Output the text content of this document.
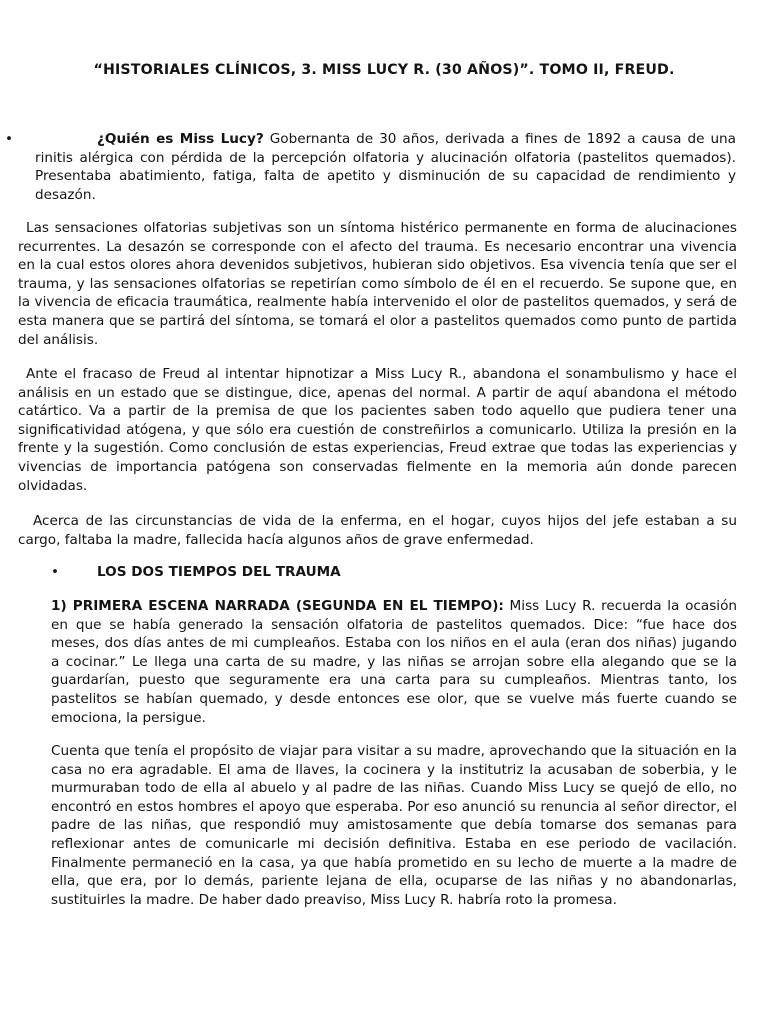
“HISTORIALES CLÍNICOS, 3. MISS LUCY R. (30 AÑOS)”. TOMO II, FREUD.
•	¿Quién es Miss Lucy? Gobernanta de 30 años, derivada a fines de 1892 a causa de una rinitis alérgica con pérdida de la percepción olfatoria y alucinación olfatoria (pastelitos quemados). Presentaba abatimiento, fatiga, falta de apetito y disminución de su capacidad de rendimiento y desazón.

Las sensaciones olfatorias subjetivas son un síntoma histérico permanente en forma de alucinaciones recurrentes. La desazón se corresponde con el afecto del trauma. Es necesario encontrar una vivencia en la cual estos olores ahora devenidos subjetivos, hubieran sido objetivos. Esa vivencia tenía que ser el trauma, y las sensaciones olfatorias se repetirían como símbolo de él en el recuerdo. Se supone que, en la vivencia de eficacia traumática, realmente había intervenido el olor de pastelitos quemados, y será de esta manera que se partirá del síntoma, se tomará el olor a pastelitos quemados como punto de partida del análisis.

Ante el fracaso de Freud al intentar hipnotizar a Miss Lucy R., abandona el sonambulismo y hace el análisis en un estado que se distingue, dice, apenas del normal. A partir de aquí abandona el método catártico. Va a partir de la premisa de que los pacientes saben todo aquello que pudiera tener una significatividad atógena, y que sólo era cuestión de constreñirlos a comunicarlo. Utiliza la presión en la frente y la sugestión. Como conclusión de estas experiencias, Freud extrae que todas las experiencias y vivencias de importancia patógena son conservadas fielmente en la memoria aún donde parecen olvidadas.

Acerca de las circunstancias de vida de la enferma, en el hogar, cuyos hijos del jefe estaban a su cargo, faltaba la madre, fallecida hacía algunos años de grave enfermedad.

•	LOS DOS TIEMPOS DEL TRAUMA

1) PRIMERA ESCENA NARRADA (SEGUNDA EN EL TIEMPO): Miss Lucy R. recuerda la ocasión en que se había generado la sensación olfatoria de pastelitos quemados. Dice: “fue hace dos meses, dos días antes de mi cumpleaños. Estaba con los niños en el aula (eran dos niñas) jugando a cocinar.” Le llega una carta de su madre, y las niñas se arrojan sobre ella alegando que se la guardarían, puesto que seguramente era una carta para su cumpleaños. Mientras tanto, los pastelitos se habían quemado, y desde entonces ese olor, que se vuelve más fuerte cuando se emociona, la persigue.

Cuenta que tenía el propósito de viajar para visitar a su madre, aprovechando que la situación en la casa no era agradable. El ama de llaves, la cocinera y la institutriz la acusaban de soberbia, y le murmuraban todo de ella al abuelo y al padre de las niñas. Cuando Miss Lucy se quejó de ello, no encontró en estos hombres el apoyo que esperaba. Por eso anunció su renuncia al señor director, el padre de las niñas, que respondió muy amistosamente que debía tomarse dos semanas para reflexionar antes de comunicarle mi decisión definitiva. Estaba en ese periodo de vacilación. Finalmente permaneció en la casa, ya que había prometido en su lecho de muerte a la madre de ella, que era, por lo demás, pariente lejana de ella, ocuparse de las niñas y no abandonarlas, sustituirles la madre. De haber dado preaviso, Miss Lucy R. habría roto la promesa.
